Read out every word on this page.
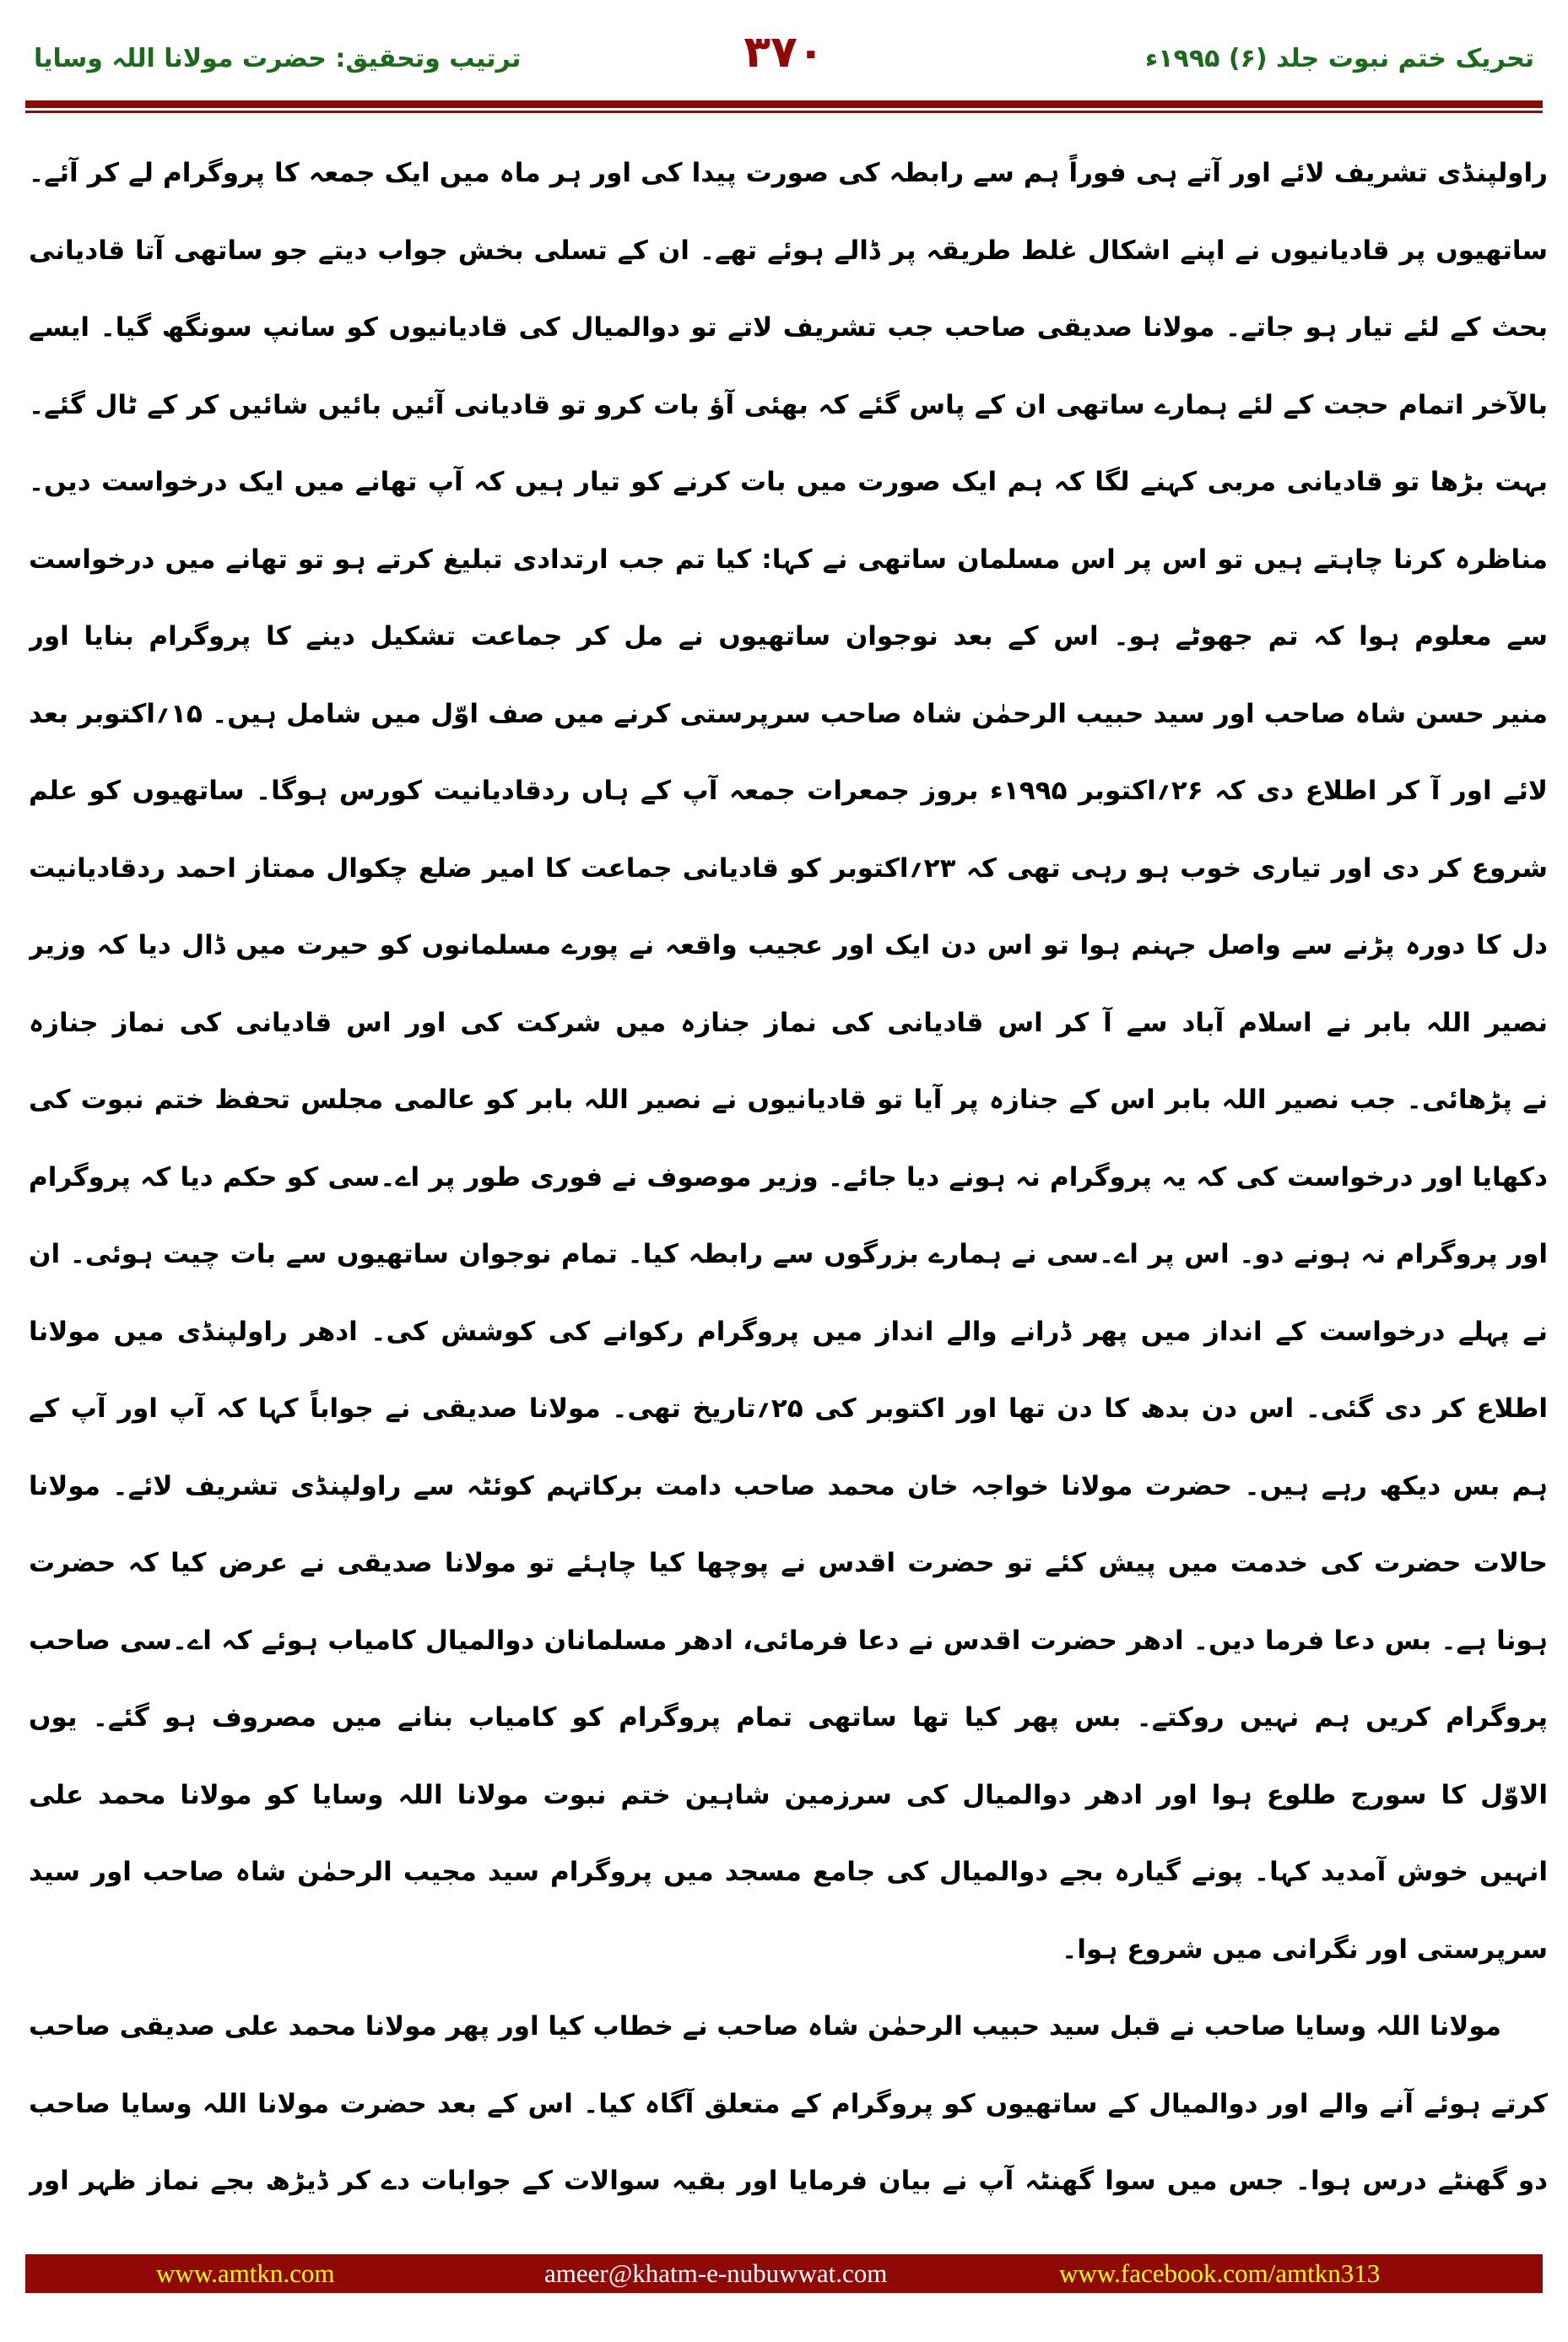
تحریک ختم نبوت جلد (۶) ۱۹۹۵ء
۳۷۰
ترتیب وتحقیق: حضرت مولانا اللہ وسایا
راولپنڈی تشریف لائے اور آتے ہی فوراً ہم سے رابطہ کی صورت پیدا کی اور ہر ماہ میں ایک جمعہ کا پروگرام لے کر آئے۔
ساتھیوں پر قادیانیوں نے اپنے اشکال غلط طریقہ پر ڈالے ہوئے تھے۔ ان کے تسلی بخش جواب دیتے جو ساتھی آتا قادیانی
بحث کے لئے تیار ہو جاتے۔ مولانا صدیقی صاحب جب تشریف لاتے تو دوالمیال کی قادیانیوں کو سانپ سونگھ گیا۔ ایسے
بالآخر اتمام حجت کے لئے ہمارے ساتھی ان کے پاس گئے کہ بھئی آؤ بات کرو تو قادیانی آئیں بائیں شائیں کر کے ٹال گئے۔
بہت بڑھا تو قادیانی مربی کہنے لگا کہ ہم ایک صورت میں بات کرنے کو تیار ہیں کہ آپ تھانے میں ایک درخواست دیں۔
مناظرہ کرنا چاہتے ہیں تو اس پر اس مسلمان ساتھی نے کہا: کیا تم جب ارتدادی تبلیغ کرتے ہو تو تھانے میں درخواست
سے معلوم ہوا کہ تم جھوٹے ہو۔ اس کے بعد نوجوان ساتھیوں نے مل کر جماعت تشکیل دینے کا پروگرام بنایا اور
منیر حسن شاہ صاحب اور سید حبیب الرحمٰن شاہ صاحب سرپرستی کرنے میں صف اوّل میں شامل ہیں۔ ۱۵؍اکتوبر بعد
لائے اور آ کر اطلاع دی کہ ۲۶؍اکتوبر ۱۹۹۵ء بروز جمعرات جمعہ آپ کے ہاں ردقادیانیت کورس ہوگا۔ ساتھیوں کو علم
شروع کر دی اور تیاری خوب ہو رہی تھی کہ ۲۳؍اکتوبر کو قادیانی جماعت کا امیر ضلع چکوال ممتاز احمد ردقادیانیت
دل کا دورہ پڑنے سے واصل جہنم ہوا تو اس دن ایک اور عجیب واقعہ نے پورے مسلمانوں کو حیرت میں ڈال دیا کہ وزیر
نصیر اللہ بابر نے اسلام آباد سے آ کر اس قادیانی کی نماز جنازہ میں شرکت کی اور اس قادیانی کی نماز جنازہ
نے پڑھائی۔ جب نصیر اللہ بابر اس کے جنازہ پر آیا تو قادیانیوں نے نصیر اللہ بابر کو عالمی مجلس تحفظ ختم نبوت کی
دکھایا اور درخواست کی کہ یہ پروگرام نہ ہونے دیا جائے۔ وزیر موصوف نے فوری طور پر اے۔سی کو حکم دیا کہ پروگرام
اور پروگرام نہ ہونے دو۔ اس پر اے۔سی نے ہمارے بزرگوں سے رابطہ کیا۔ تمام نوجوان ساتھیوں سے بات چیت ہوئی۔ ان
نے پہلے درخواست کے انداز میں پھر ڈرانے والے انداز میں پروگرام رکوانے کی کوشش کی۔ ادھر راولپنڈی میں مولانا
اطلاع کر دی گئی۔ اس دن بدھ کا دن تھا اور اکتوبر کی ۲۵؍تاریخ تھی۔ مولانا صدیقی نے جواباً کہا کہ آپ اور آپ کے
ہم بس دیکھ رہے ہیں۔ حضرت مولانا خواجہ خان محمد صاحب دامت برکاتہم کوئٹہ سے راولپنڈی تشریف لائے۔ مولانا
حالات حضرت کی خدمت میں پیش کئے تو حضرت اقدس نے پوچھا کیا چاہئے تو مولانا صدیقی نے عرض کیا کہ حضرت
ہونا ہے۔ بس دعا فرما دیں۔ ادھر حضرت اقدس نے دعا فرمائی، ادھر مسلمانان دوالمیال کامیاب ہوئے کہ اے۔سی صاحب
پروگرام کریں ہم نہیں روکتے۔ بس پھر کیا تھا ساتھی تمام پروگرام کو کامیاب بنانے میں مصروف ہو گئے۔ یوں
الاوّل کا سورج طلوع ہوا اور ادھر دوالمیال کی سرزمین شاہین ختم نبوت مولانا اللہ وسایا کو مولانا محمد علی
انہیں خوش آمدید کہا۔ پونے گیارہ بجے دوالمیال کی جامع مسجد میں پروگرام سید مجیب الرحمٰن شاہ صاحب اور سید
سرپرستی اور نگرانی میں شروع ہوا۔
مولانا اللہ وسایا صاحب نے قبل سید حبیب الرحمٰن شاہ صاحب نے خطاب کیا اور پھر مولانا محمد علی صدیقی صاحب
کرتے ہوئے آنے والے اور دوالمیال کے ساتھیوں کو پروگرام کے متعلق آگاہ کیا۔ اس کے بعد حضرت مولانا اللہ وسایا صاحب
دو گھنٹے درس ہوا۔ جس میں سوا گھنٹہ آپ نے بیان فرمایا اور بقیہ سوالات کے جوابات دے کر ڈیڑھ بجے نماز ظہر اور
www.amtkn.com	ameer@khatm-e-nubuwwat.com	www.facebook.com/amtkn313
